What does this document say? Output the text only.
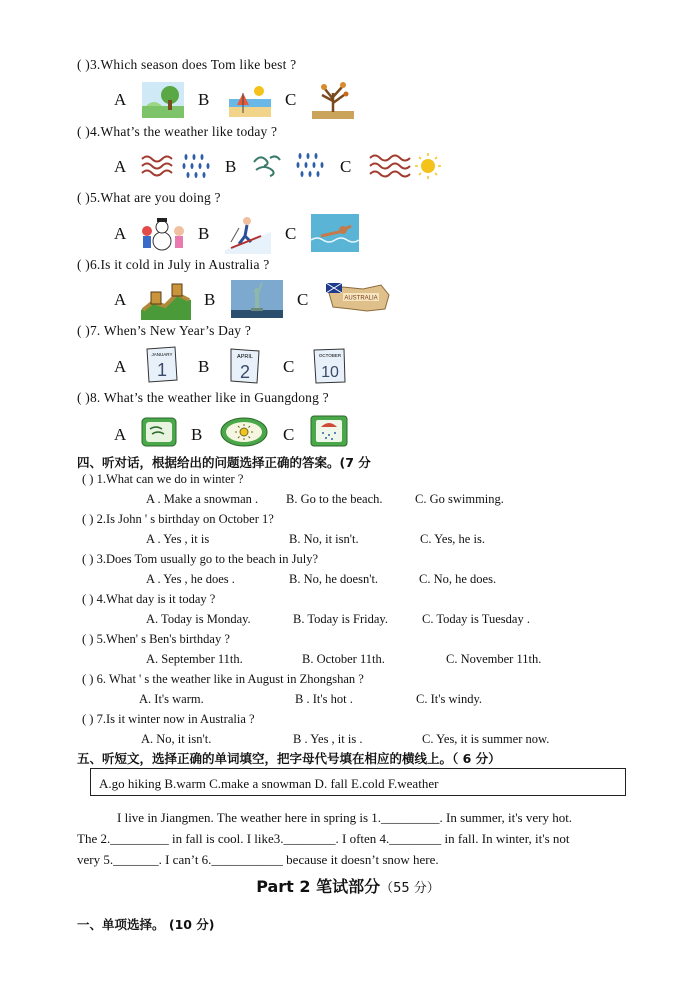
( )3.Which season does Tom like best ?
A	B	C
( )4.What’s the weather like today ?
A	B	C
( )5.What are you doing ?
A	B	C
( )6.Is it cold in July in Australia ?
A	B	C	AUSTRALIA
( )7. When’s New Year’s Day ?
A
JANUARY
1 B	APRIL
2 C
OCTOBER
10
( )8. What’s the weather like in Guangdong ?
A	B	C
四、听对话，根据给出的问题选择正确的答案。(7 分
( ) 1.What can we do in winter ?
A . Make a snowman . B. Go to the beach.	C. Go swimming.
( ) 2.Is John ' s birthday on October 1?
A . Yes , it is	B. No, it isn't.	C. Yes, he is.
( ) 3.Does Tom usually go to the beach in July?
A . Yes , he does .	B. No, he doesn't.	C. No, he does.
( ) 4.What day is it today ?
A. Today is Monday.	B. Today is Friday.	C. Today is Tuesday .
( ) 5.When' s Ben's birthday ?
A. September 11th.	B. October 11th.	C. November 11th.
( ) 6. What ' s the weather like in August in Zhongshan ?
A. It's warm.	B . It's hot .	C. It's windy.
( ) 7.Is it winter now in Australia ?
A. No, it isn't.	B . Yes , it is .	C. Yes, it is summer now.
五、听短文，选择正确的单词填空，把字母代号填在相应的横线上。（ 6 分）
A.go hiking B.warm C.make a snowman D. fall E.cold F.weather
I live in Jiangmen. The weather here in spring is 1._________. In summer, it's very hot.
The 2._________ in fall is cool. I like3.________. I often 4.________ in fall. In winter, it's not
very 5._______. I can’t 6.___________ because it doesn’t snow here.
Part 2 笔试部分（55 分）
一、单项选择。 (10 分)
